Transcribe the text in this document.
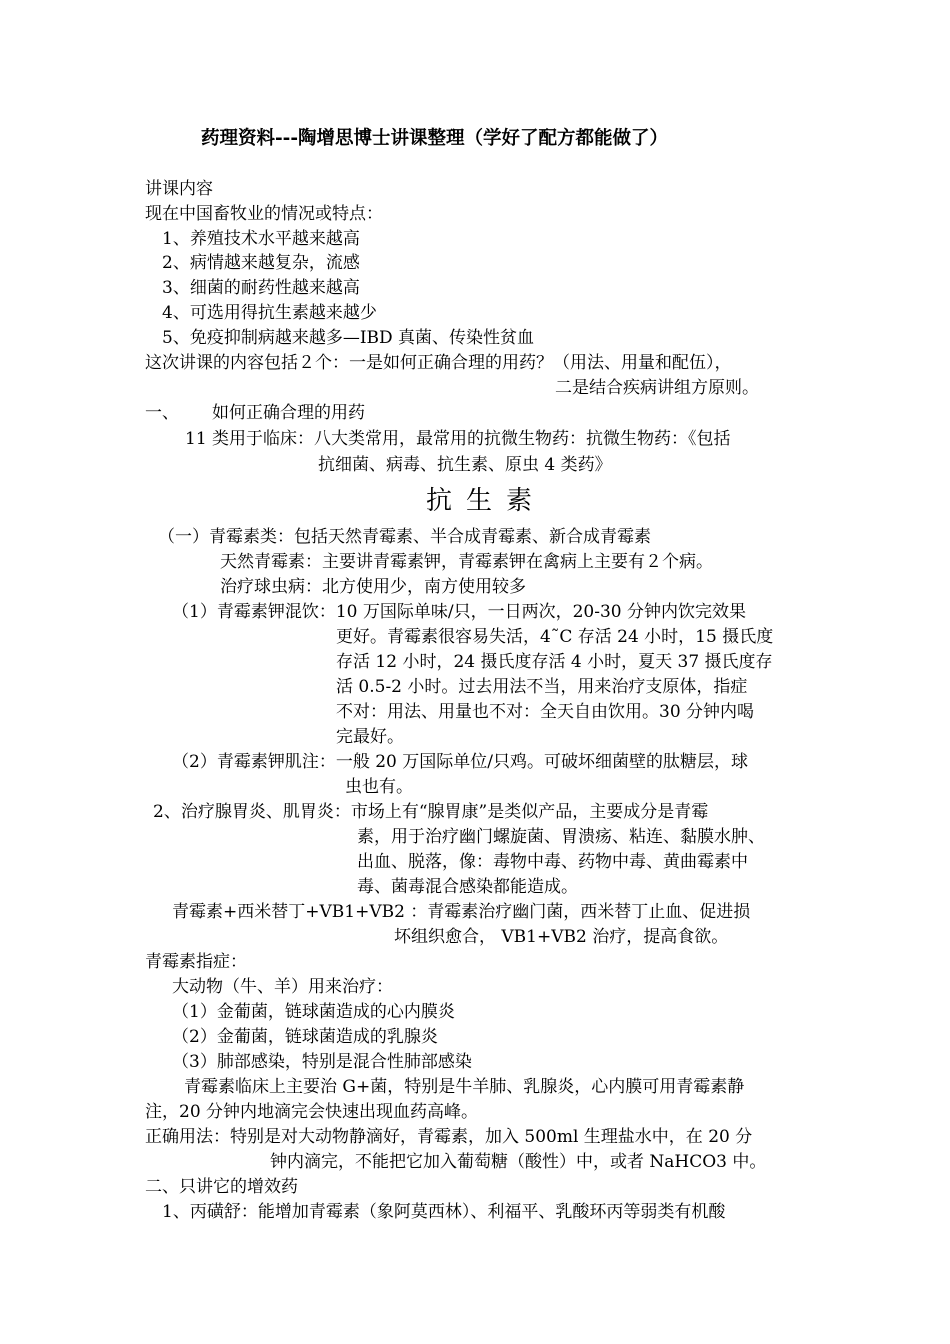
药理资料---陶增思博士讲课整理（学好了配方都能做了）
讲课内容
现在中国畜牧业的情况或特点：
1、养殖技术水平越来越高
2、病情越来越复杂，流感
3、细菌的耐药性越来越高
4、可选用得抗生素越来越少
5、免疫抑制病越来越多—IBD 真菌、传染性贫血
这次讲课的内容包括２个：一是如何正确合理的用药？（用法、用量和配伍），
二是结合疾病讲组方原则。
一、 如何正确合理的用药
11 类用于临床：八大类常用，最常用的抗微生物药：抗微生物药：《包括
抗细菌、病毒、抗生素、原虫 4 类药》
抗生素
（一）青霉素类：包括天然青霉素、半合成青霉素、新合成青霉素
天然青霉素：主要讲青霉素钾，青霉素钾在禽病上主要有２个病。
治疗球虫病：北方使用少，南方使用较多
（1）青霉素钾混饮：10 万国际单味/只，一日两次，20-30 分钟内饮完效果
更好。青霉素很容易失活，4˜C 存活 24 小时，15 摄氏度
存活 12 小时，24 摄氏度存活 4 小时，夏天 37 摄氏度存
活 0.5-2 小时。过去用法不当，用来治疗支原体，指症
不对：用法、用量也不对：全天自由饮用。30 分钟内喝
完最好。
（2）青霉素钾肌注：一般 20 万国际单位/只鸡。可破坏细菌壁的肽糖层，球
虫也有。
2、治疗腺胃炎、肌胃炎：市场上有“腺胃康”是类似产品，主要成分是青霉
素，用于治疗幽门螺旋菌、胃溃疡、粘连、黏膜水肿、
出血、脱落，像：毒物中毒、药物中毒、黄曲霉素中
毒、菌毒混合感染都能造成。
青霉素+西米替丁+VB1+VB2 ：青霉素治疗幽门菌，西米替丁止血、促进损
坏组织愈合， VB1+VB2 治疗，提高食欲。
青霉素指症：
大动物（牛、羊）用来治疗：
（1）金葡菌，链球菌造成的心内膜炎
（2）金葡菌，链球菌造成的乳腺炎
（3）肺部感染，特别是混合性肺部感染
青霉素临床上主要治 G+菌，特别是牛羊肺、乳腺炎，心内膜可用青霉素静
注，20 分钟内地滴完会快速出现血药高峰。
正确用法：特别是对大动物静滴好，青霉素，加入 500ml 生理盐水中，在 20 分
钟内滴完，不能把它加入葡萄糖（酸性）中，或者 NaHCO3 中。
二、只讲它的增效药
1、丙磺舒：能增加青霉素（象阿莫西林）、利福平、乳酸环丙等弱类有机酸
